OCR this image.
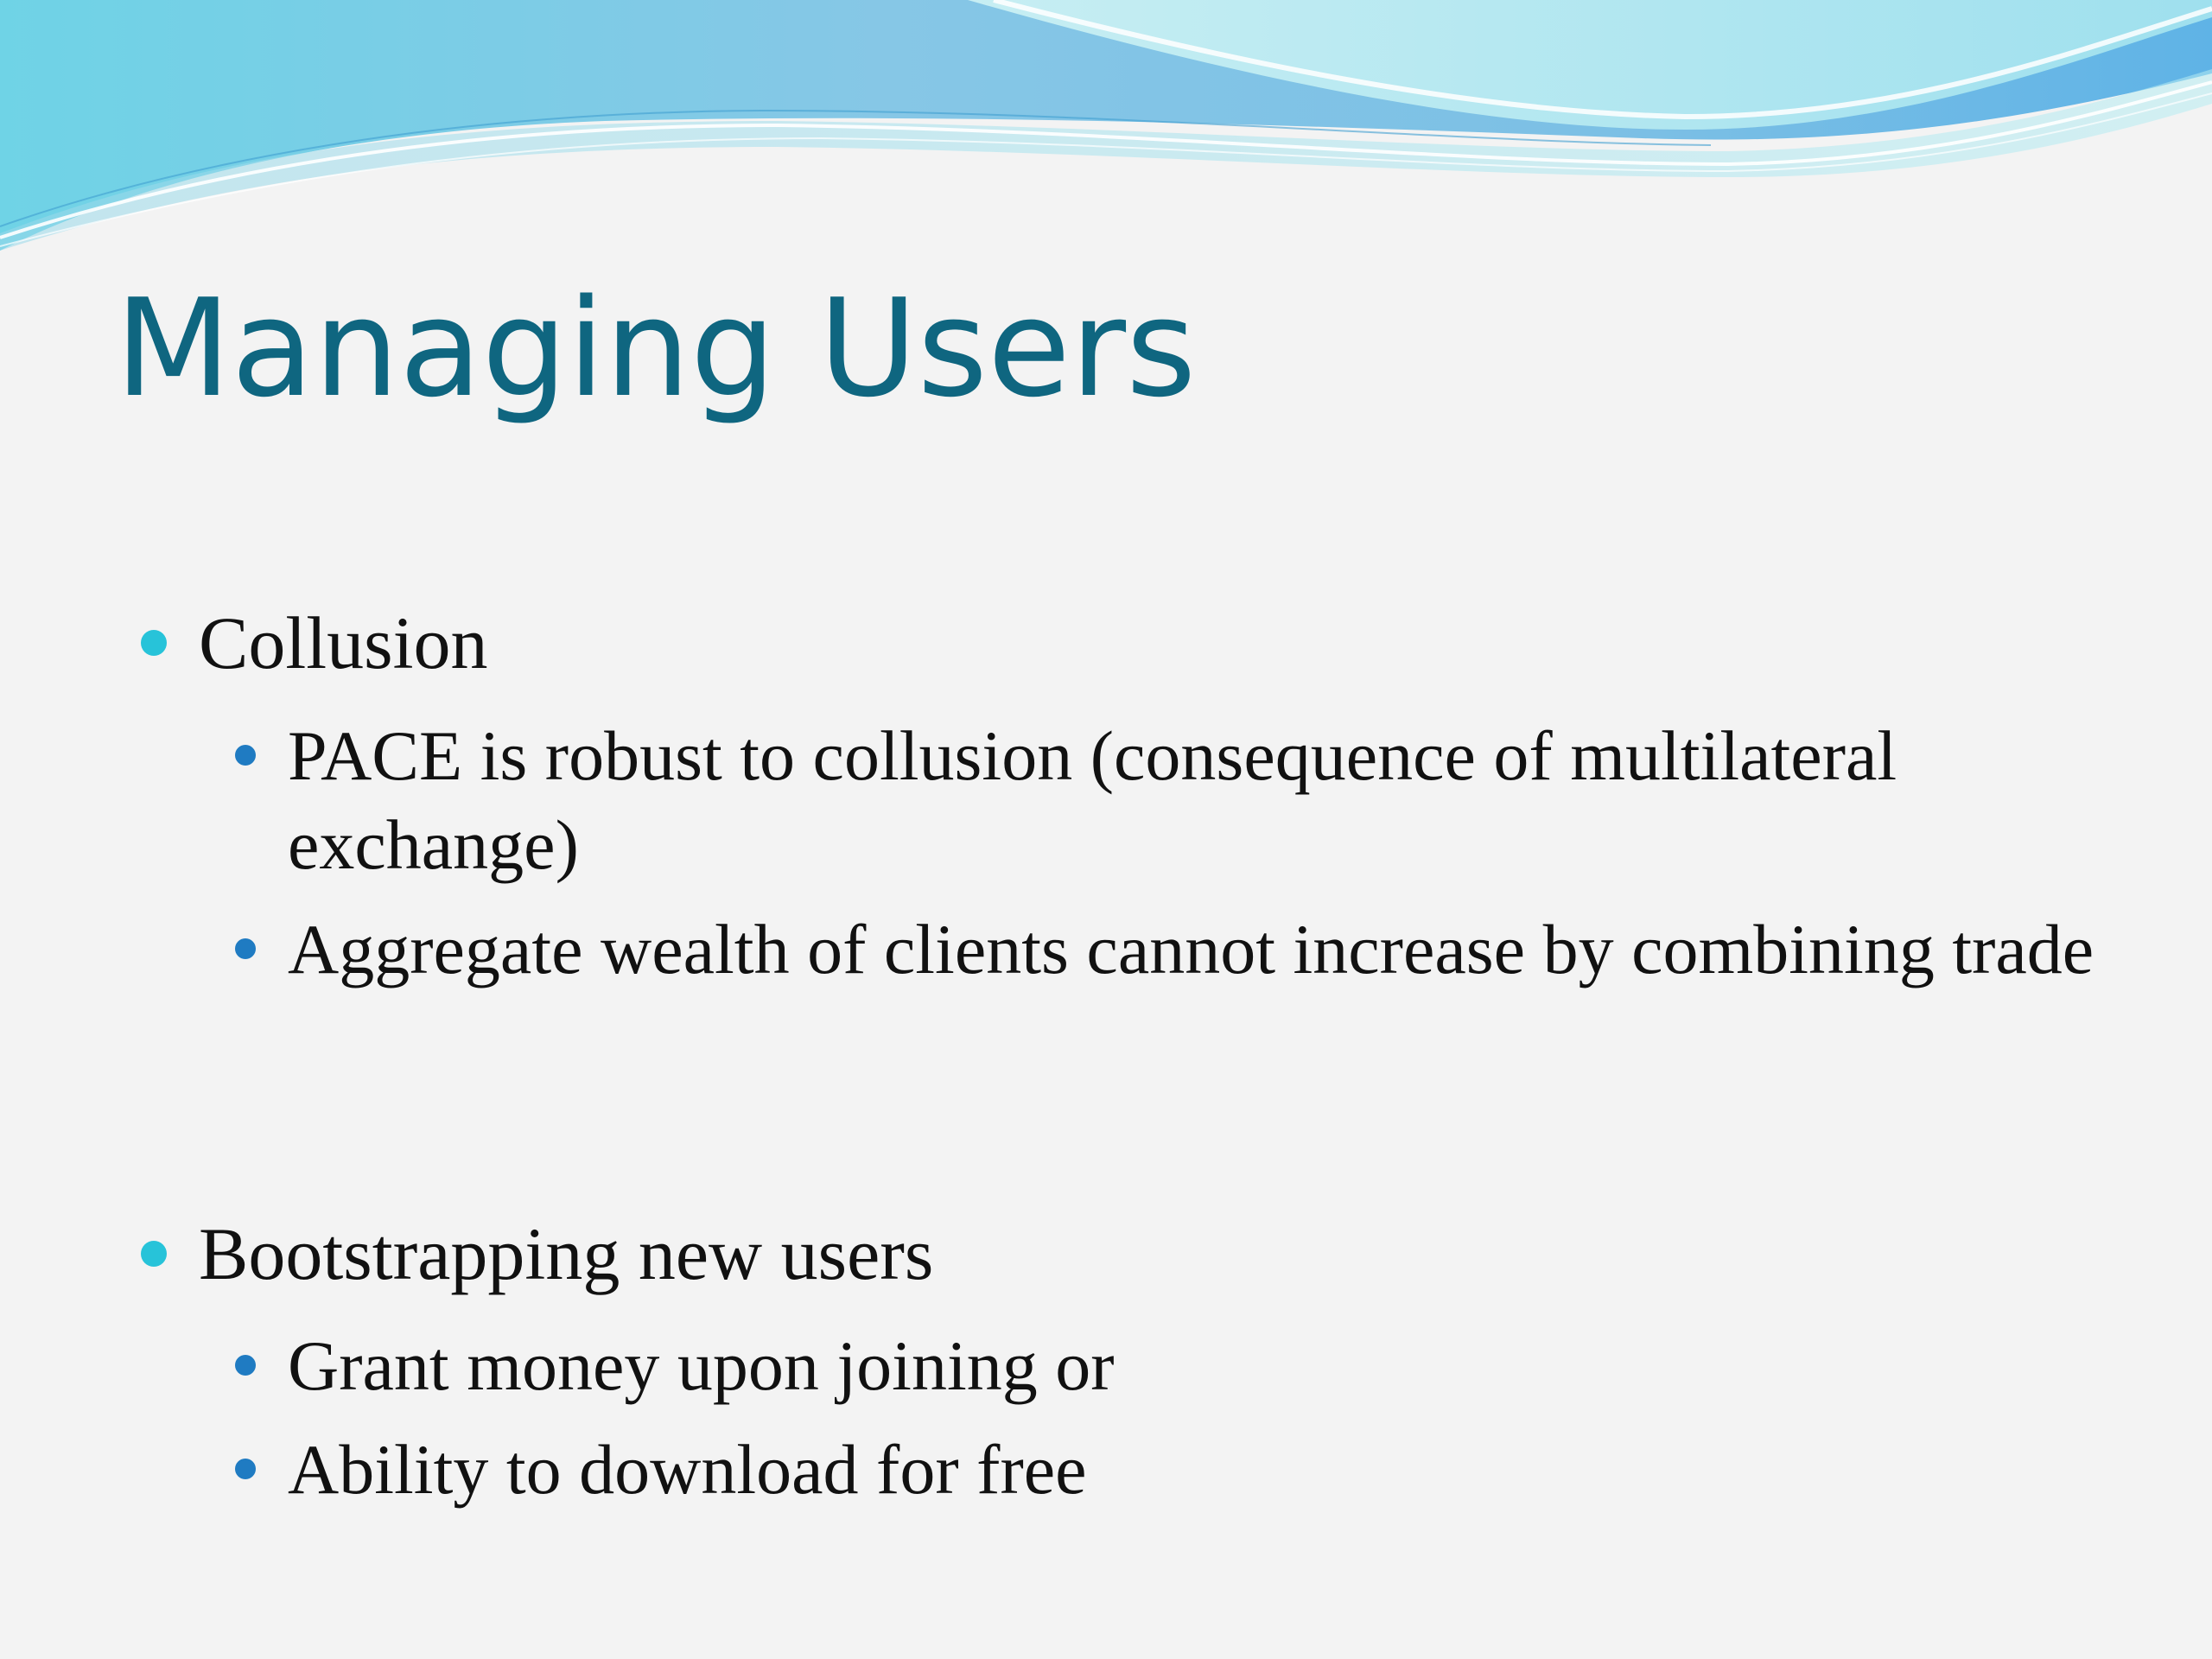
Managing Users
Collusion
PACE is robust to collusion (consequence of multilateral exchange)
Aggregate wealth of clients cannot increase by combining trade
Bootstrapping new users
Grant money upon joining or
Ability to download for free
